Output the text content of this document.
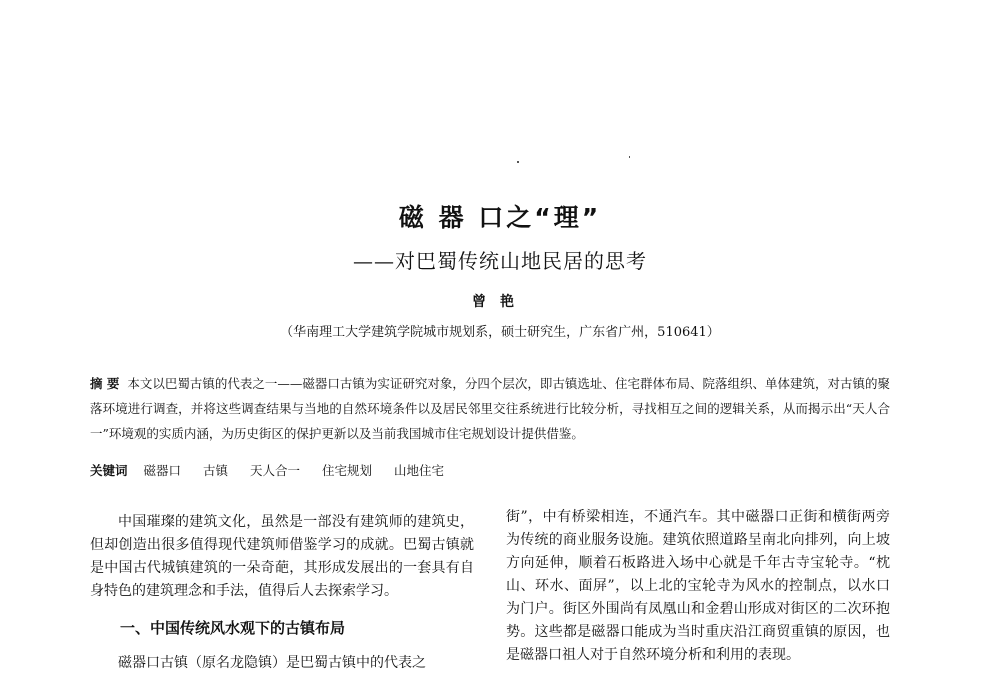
磁 器 口之“理”
——对巴蜀传统山地民居的思考
曾艳
（华南理工大学建筑学院城市规划系，硕士研究生，广东省广州，510641）
摘 要 本文以巴蜀古镇的代表之一——磁器口古镇为实证研究对象，分四个层次，即古镇选址、住宅群体布局、院落组织、单体建筑，对古镇的聚落环境进行调查，并将这些调查结果与当地的自然环境条件以及居民邻里交往系统进行比较分析，寻找相互之间的逻辑关系，从而揭示出“天人合一”环境观的实质内涵，为历史街区的保护更新以及当前我国城市住宅规划设计提供借鉴。
关键词 磁器口 古镇 天人合一 住宅规划 山地住宅

中国璀璨的建筑文化，虽然是一部没有建筑师的建筑史，但却创造出很多值得现代建筑师借鉴学习的成就。巴蜀古镇就是中国古代城镇建筑的一朵奇葩，其形成发展出的一套具有自身特色的建筑理念和手法，值得后人去探索学习。

一、中国传统风水观下的古镇布局

磁器口古镇（原名龙隐镇）是巴蜀古镇中的代表之

街”，中有桥梁相连，不通汽车。其中磁器口正街和横街两旁为传统的商业服务设施。建筑依照道路呈南北向排列，向上坡方向延伸，顺着石板路进入场中心就是千年古寺宝轮寺。“枕山、环水、面屏”，以上北的宝轮寺为风水的控制点，以水口为门户。街区外围尚有凤凰山和金碧山形成对街区的二次环抱势。这些都是磁器口能成为当时重庆沿江商贸重镇的原因，也是磁器口祖人对于自然环境分析和利用的表现。
